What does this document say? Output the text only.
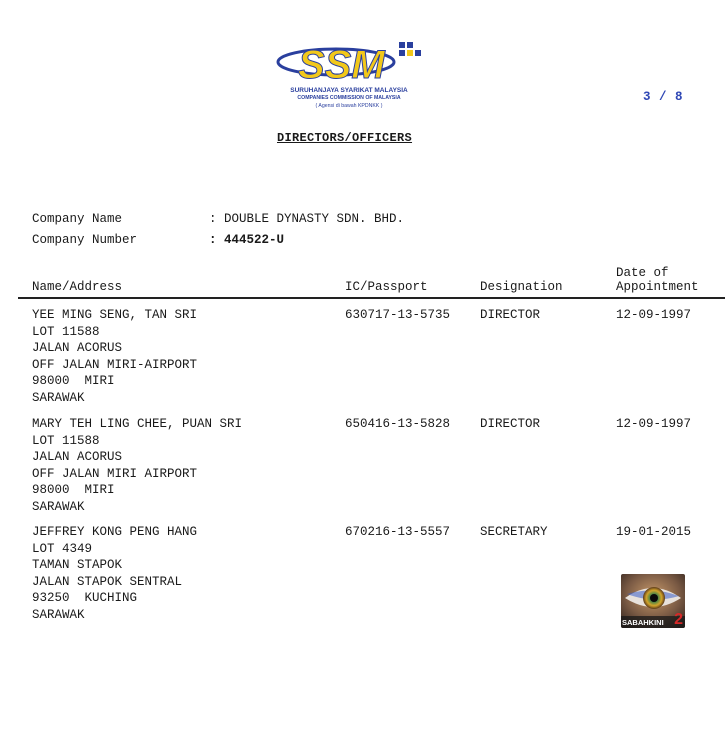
SSM
SURUHANJAYA SYARIKAT MALAYSIA
COMPANIES COMMISSION OF MALAYSIA
( Agensi di bawah KPDNKK )
3 / 8
DIRECTORS/OFFICERS
Company Name	: DOUBLE DYNASTY SDN. BHD.
Company Number	: 444522-U
Name/Address	IC/Passport	Designation
Date of
Appointment
YEE MING SENG, TAN SRI
LOT 11588
JALAN ACORUS
OFF JALAN MIRI-AIRPORT
98000  MIRI
SARAWAK
630717-13-5735 DIRECTOR	12-09-1997
MARY TEH LING CHEE, PUAN SRI
LOT 11588
JALAN ACORUS
OFF JALAN MIRI AIRPORT
98000  MIRI
SARAWAK
650416-13-5828 DIRECTOR	12-09-1997
JEFFREY KONG PENG HANG
LOT 4349
TAMAN STAPOK
JALAN STAPOK SENTRAL
93250  KUCHING
SARAWAK
670216-13-5557 SECRETARY	19-01-2015
SABAHKINI 2
